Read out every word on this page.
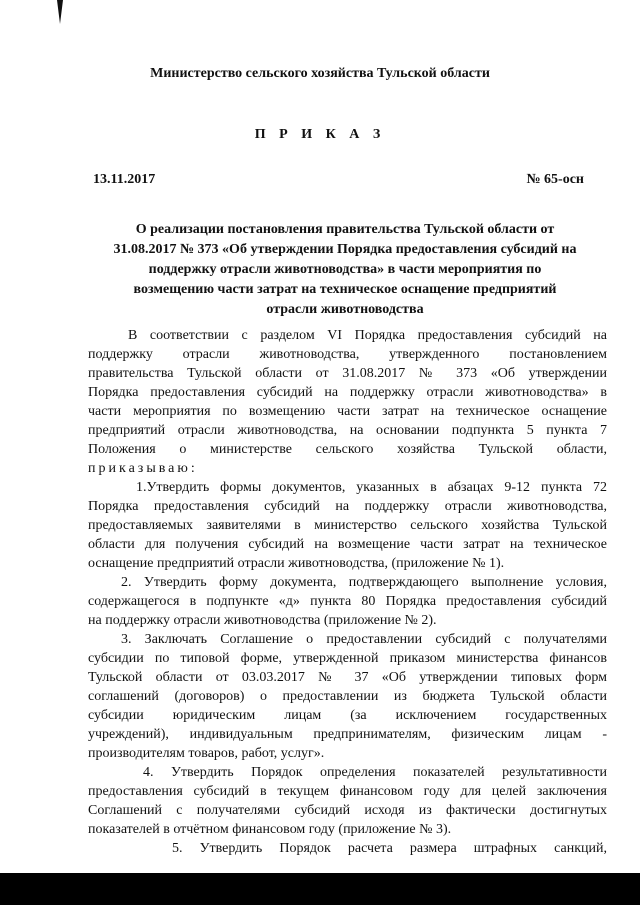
Министерство сельского хозяйства Тульской области
П Р И К А З
13.11.2017	№ 65-осн
О реализации постановления правительства Тульской области от
31.08.2017 № 373 «Об утверждении Порядка предоставления субсидий на
поддержку отрасли животноводства» в части мероприятия по
возмещению части затрат на техническое оснащение предприятий
отрасли животноводства
В соответствии с разделом VI Порядка предоставления субсидий на
поддержку отрасли животноводства, утвержденного постановлением
правительства Тульской области от 31.08.2017 № 373 «Об утверждении
Порядка предоставления субсидий на поддержку отрасли животноводства» в
части мероприятия по возмещению части затрат на техническое оснащение
предприятий отрасли животноводства, на основании подпункта 5 пункта 7
Положения о министерстве сельского хозяйства Тульской области,
приказываю:
1.Утвердить формы документов, указанных в абзацах 9-12 пункта 72
Порядка предоставления субсидий на поддержку отрасли животноводства,
предоставляемых заявителями в министерство сельского хозяйства Тульской
области для получения субсидий на возмещение части затрат на техническое
оснащение предприятий отрасли животноводства, (приложение № 1).
2. Утвердить форму документа, подтверждающего выполнение условия,
содержащегося в подпункте «д» пункта 80 Порядка предоставления субсидий
на поддержку отрасли животноводства (приложение № 2).
3. Заключать Соглашение о предоставлении субсидий с получателями
субсидии по типовой форме, утвержденной приказом министерства финансов
Тульской области от 03.03.2017 № 37 «Об утверждении типовых форм
соглашений (договоров) о предоставлении из бюджета Тульской области
субсидии юридическим лицам (за исключением государственных
учреждений), индивидуальным предпринимателям, физическим лицам -
производителям товаров, работ, услуг».
4. Утвердить Порядок определения показателей результативности
предоставления субсидий в текущем финансовом году для целей заключения
Соглашений с получателями субсидий исходя из фактически достигнутых
показателей в отчётном финансовом году (приложение № 3).
5. Утвердить Порядок расчета размера штрафных санкций,
